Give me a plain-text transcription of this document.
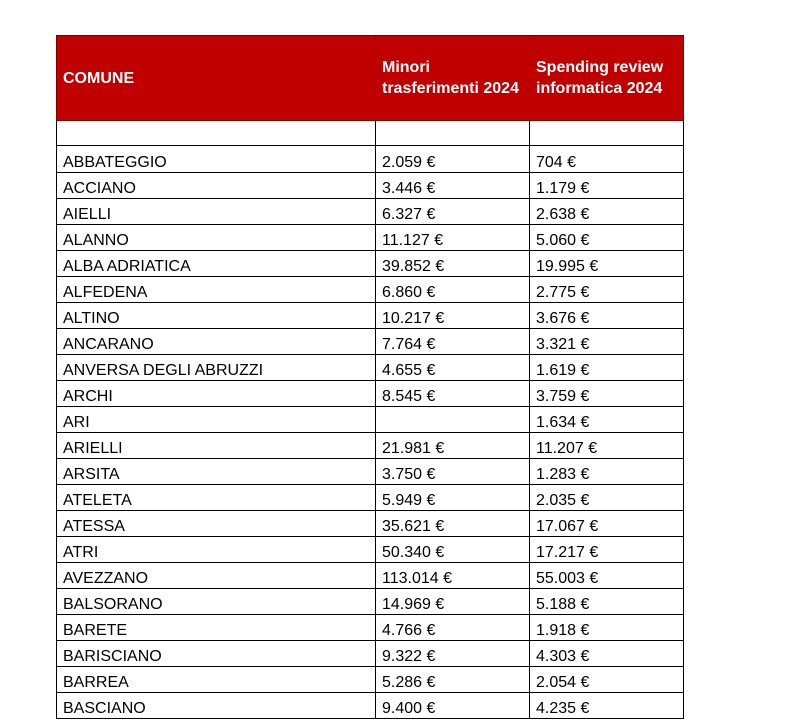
COMUNE	Minori trasferimenti 2024	Spending review informatica 2024

ABBATEGGIO	2.059 €	704 €
ACCIANO	3.446 €	1.179 €
AIELLI	6.327 €	2.638 €
ALANNO	11.127 €	5.060 €
ALBA ADRIATICA	39.852 €	19.995 €
ALFEDENA	6.860 €	2.775 €
ALTINO	10.217 €	3.676 €
ANCARANO	7.764 €	3.321 €
ANVERSA DEGLI ABRUZZI	4.655 €	1.619 €
ARCHI	8.545 €	3.759 €
ARI		1.634 €
ARIELLI	21.981 €	11.207 €
ARSITA	3.750 €	1.283 €
ATELETA	5.949 €	2.035 €
ATESSA	35.621 €	17.067 €
ATRI	50.340 €	17.217 €
AVEZZANO	113.014 €	55.003 €
BALSORANO	14.969 €	5.188 €
BARETE	4.766 €	1.918 €
BARISCIANO	9.322 €	4.303 €
BARREA	5.286 €	2.054 €
BASCIANO	9.400 €	4.235 €
